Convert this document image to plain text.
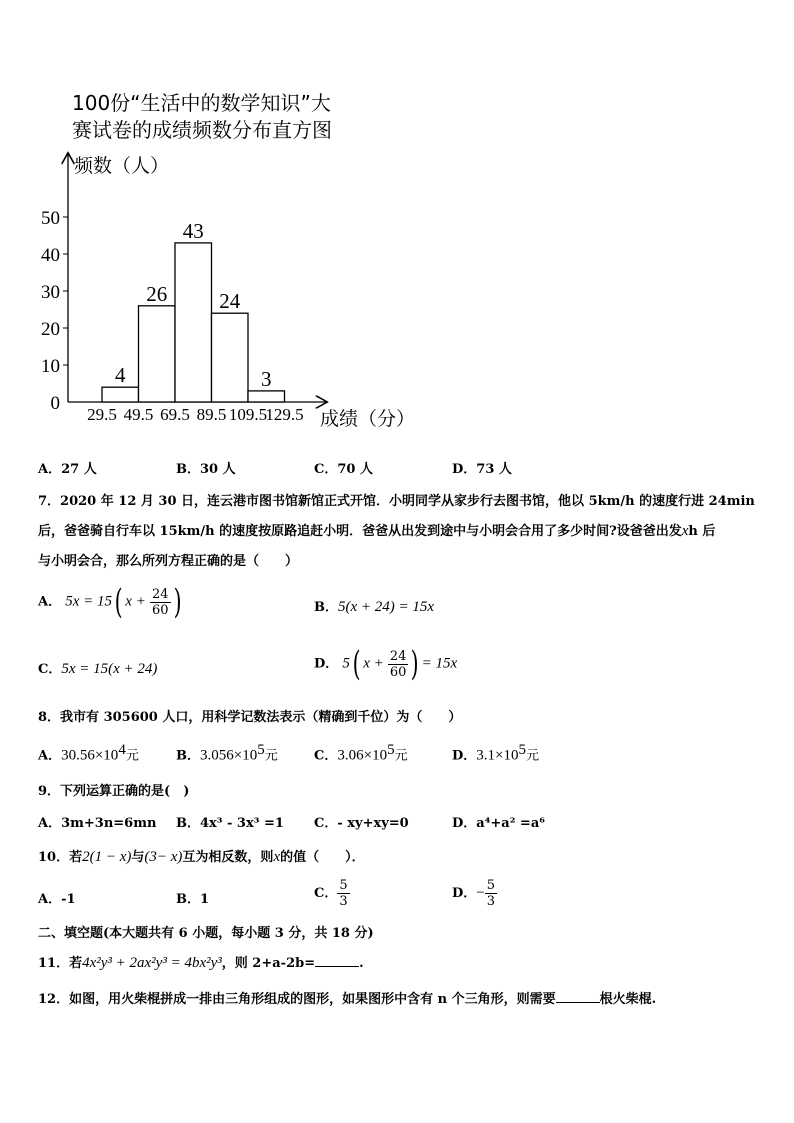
100份“生活中的数学知识”大
赛试卷的成绩频数分布直方图
频数（人）
成绩（分）
0
10
20
30
40
50
4
26
43
24
3
29.5 49.5 69.5 89.5 109.5
129.5
A．27 人	B．30 人	C．70 人	D．73 人
7．2020 年 12 月 30 日，连云港市图书馆新馆正式开馆．小明同学从家步行去图书馆，他以 5km/h 的速度行进 24min
后，爸爸骑自行车以 15km/h 的速度按原路追赶小明．爸爸从出发到途中与小明会合用了多少时间?设爸爸出发xh 后
与小明会合，那么所列方程正确的是（　　）
A． 5x = 15( $x + \frac{24}{60}$ )	B．5(x + 24) = 15x
C．5x = 15(x + 24)	D． 5( $x + \frac{24}{60}$ ) = 15x
8．我市有 305600 人口，用科学记数法表示（精确到千位）为（　　）
A．$30.56\times 10^4$元	B．$3.056\times 10^5$元	C．$3.06\times 10^5$元	D．$3.1\times 10^5$元
9．下列运算正确的是(　)
A．3m+3n=6mn B．4x³ - 3x³ =1 C．- xy+xy=0	D．a⁴+a² =a⁶
10．若2(1 − x)与(3− x)互为相反数，则x的值（　　）．
A．-1	B．1	C． $\frac{5}{3}$	D．− $\frac{5}{3}$
二、填空题(本大题共有 6 小题，每小题 3 分，共 18 分)
11．若4x²y³ + 2ax²y³ = 4bx²y³，则 2+a-2b=	.
12．如图，用火柴棍拼成一排由三角形组成的图形，如果图形中含有 n 个三角形，则需要	根火柴棍.
